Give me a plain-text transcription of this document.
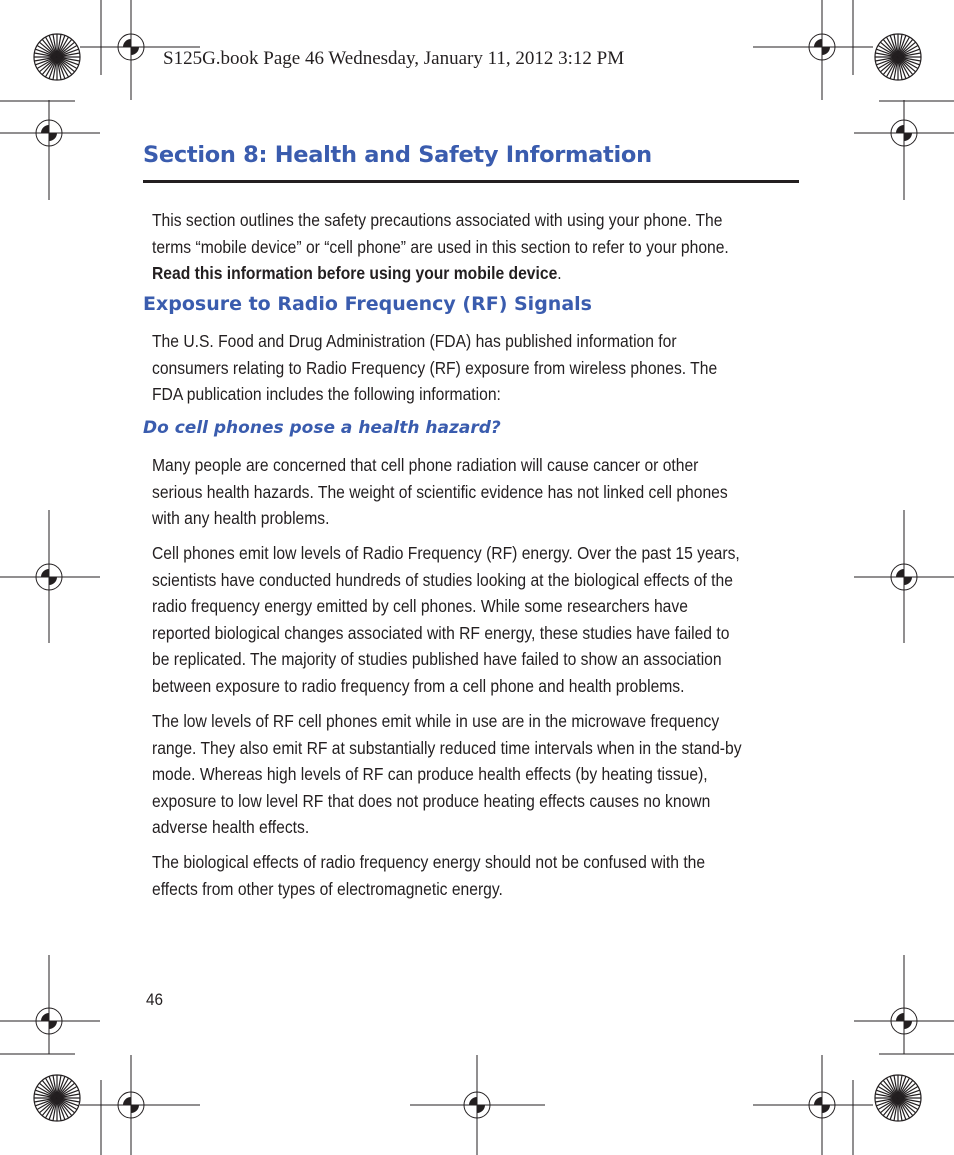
S125G.book Page 46 Wednesday, January 11, 2012 3:12 PM
Section 8: Health and Safety Information

This section outlines the safety precautions associated with using your phone. The terms “mobile device” or “cell phone” are used in this section to refer to your phone. Read this information before using your mobile device.

Exposure to Radio Frequency (RF) Signals

The U.S. Food and Drug Administration (FDA) has published information for consumers relating to Radio Frequency (RF) exposure from wireless phones. The FDA publication includes the following information:

Do cell phones pose a health hazard?

Many people are concerned that cell phone radiation will cause cancer or other serious health hazards. The weight of scientific evidence has not linked cell phones with any health problems.

Cell phones emit low levels of Radio Frequency (RF) energy. Over the past 15 years, scientists have conducted hundreds of studies looking at the biological effects of the radio frequency energy emitted by cell phones. While some researchers have reported biological changes associated with RF energy, these studies have failed to be replicated. The majority of studies published have failed to show an association between exposure to radio frequency from a cell phone and health problems.

The low levels of RF cell phones emit while in use are in the microwave frequency range. They also emit RF at substantially reduced time intervals when in the stand-by mode. Whereas high levels of RF can produce health effects (by heating tissue), exposure to low level RF that does not produce heating effects causes no known adverse health effects.

The biological effects of radio frequency energy should not be confused with the effects from other types of electromagnetic energy.

46
